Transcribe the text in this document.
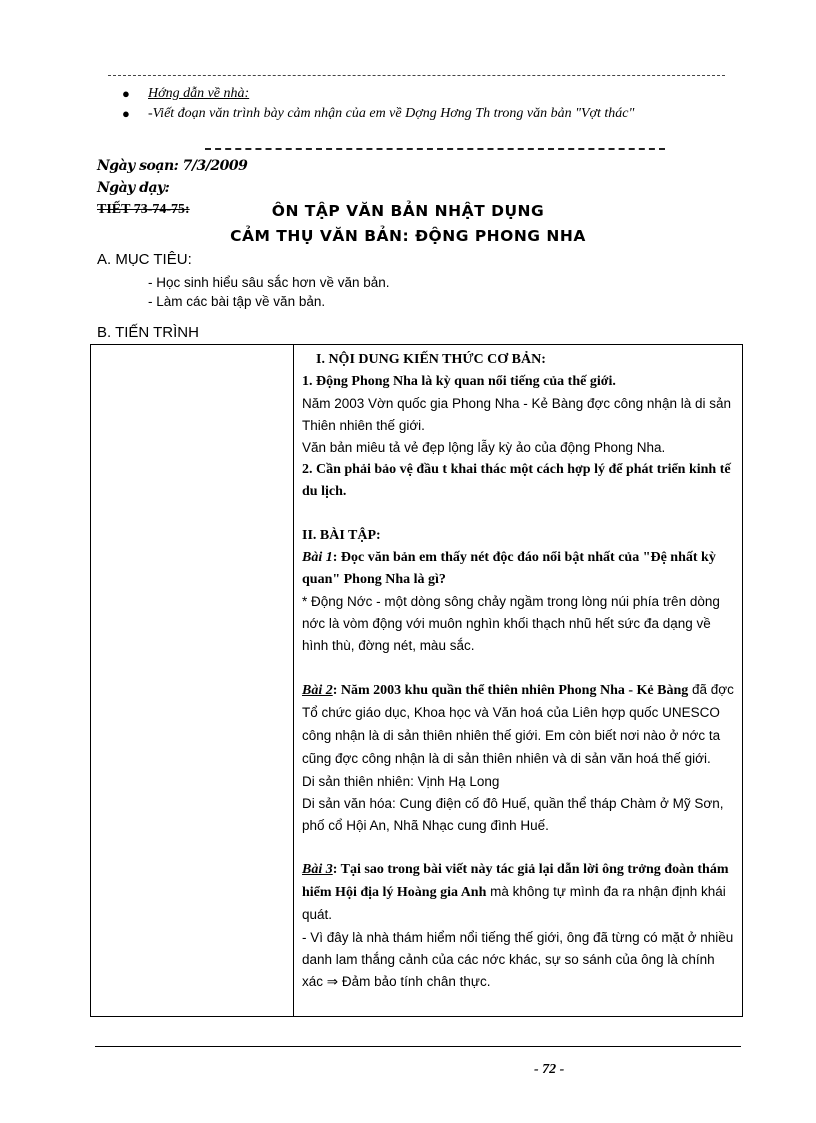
● Hớng dẫn về nhà:
● -Viết đoạn văn trình bày cảm nhận của em về Dợng Hơng Th trong văn bản "Vợt thác"
Ngày soạn: 7/3/2009
Ngày dạy:
TIẾT 73-74-75:	ÔN TẬP VĂN BẢN NHẬT DỤNG
CẢM THỤ VĂN BẢN: ĐỘNG PHONG NHA
A. MỤC TIÊU:
- Học sinh hiểu sâu sắc hơn về văn bản.
- Làm các bài tập về văn bản.
B. TIẾN TRÌNH

I. NỘI DUNG KIẾN THỨC CƠ BẢN:

1. Động Phong Nha là kỳ quan nổi tiếng của thế giới.

Năm 2003 Vờn quốc gia Phong Nha - Kẻ Bàng đợc công nhận là di sản Thiên nhiên thế giới.

Văn bản miêu tả vẻ đẹp lộng lẫy kỳ ảo của động Phong Nha.

2. Cần phải bảo vệ đầu t khai thác một cách hợp lý để phát triển kinh tế du lịch.

II. BÀI TẬP:

Bài 1: Đọc văn bản em thấy nét độc đáo nổi bật nhất của "Đệ nhất kỳ quan" Phong Nha là gì?

* Động Nớc - một dòng sông chảy ngầm trong lòng núi phía trên dòng nớc là vòm động với muôn nghìn khối thạch nhũ hết sức đa dạng về hình thù, đờng nét, màu sắc.

Bài 2: Năm 2003 khu quần thể thiên nhiên Phong Nha - Kẻ Bàng đã đợc Tổ chức giáo dục, Khoa học và Văn hoá của Liên hợp quốc UNESCO công nhận là di sản thiên nhiên thế giới. Em còn biết nơi nào ở nớc ta cũng đợc công nhận là di sản thiên nhiên và di sản văn hoá thế giới.

Di sản thiên nhiên: Vịnh Hạ Long

Di sản văn hóa: Cung điện cố đô Huế, quần thể tháp Chàm ở Mỹ Sơn, phố cổ Hội An, Nhã Nhạc cung đình Huế.

Bài 3: Tại sao trong bài viết này tác giả lại dẫn lời ông trởng đoàn thám hiểm Hội địa lý Hoàng gia Anh mà không tự mình đa ra nhận định khái quát.

- Vì đây là nhà thám hiểm nổi tiếng thế giới, ông đã từng có mặt ở nhiều danh lam thắng cảnh của các nớc khác, sự so sánh của ông là chính xác ⇒ Đảm bảo tính chân thực.

- 72 -
